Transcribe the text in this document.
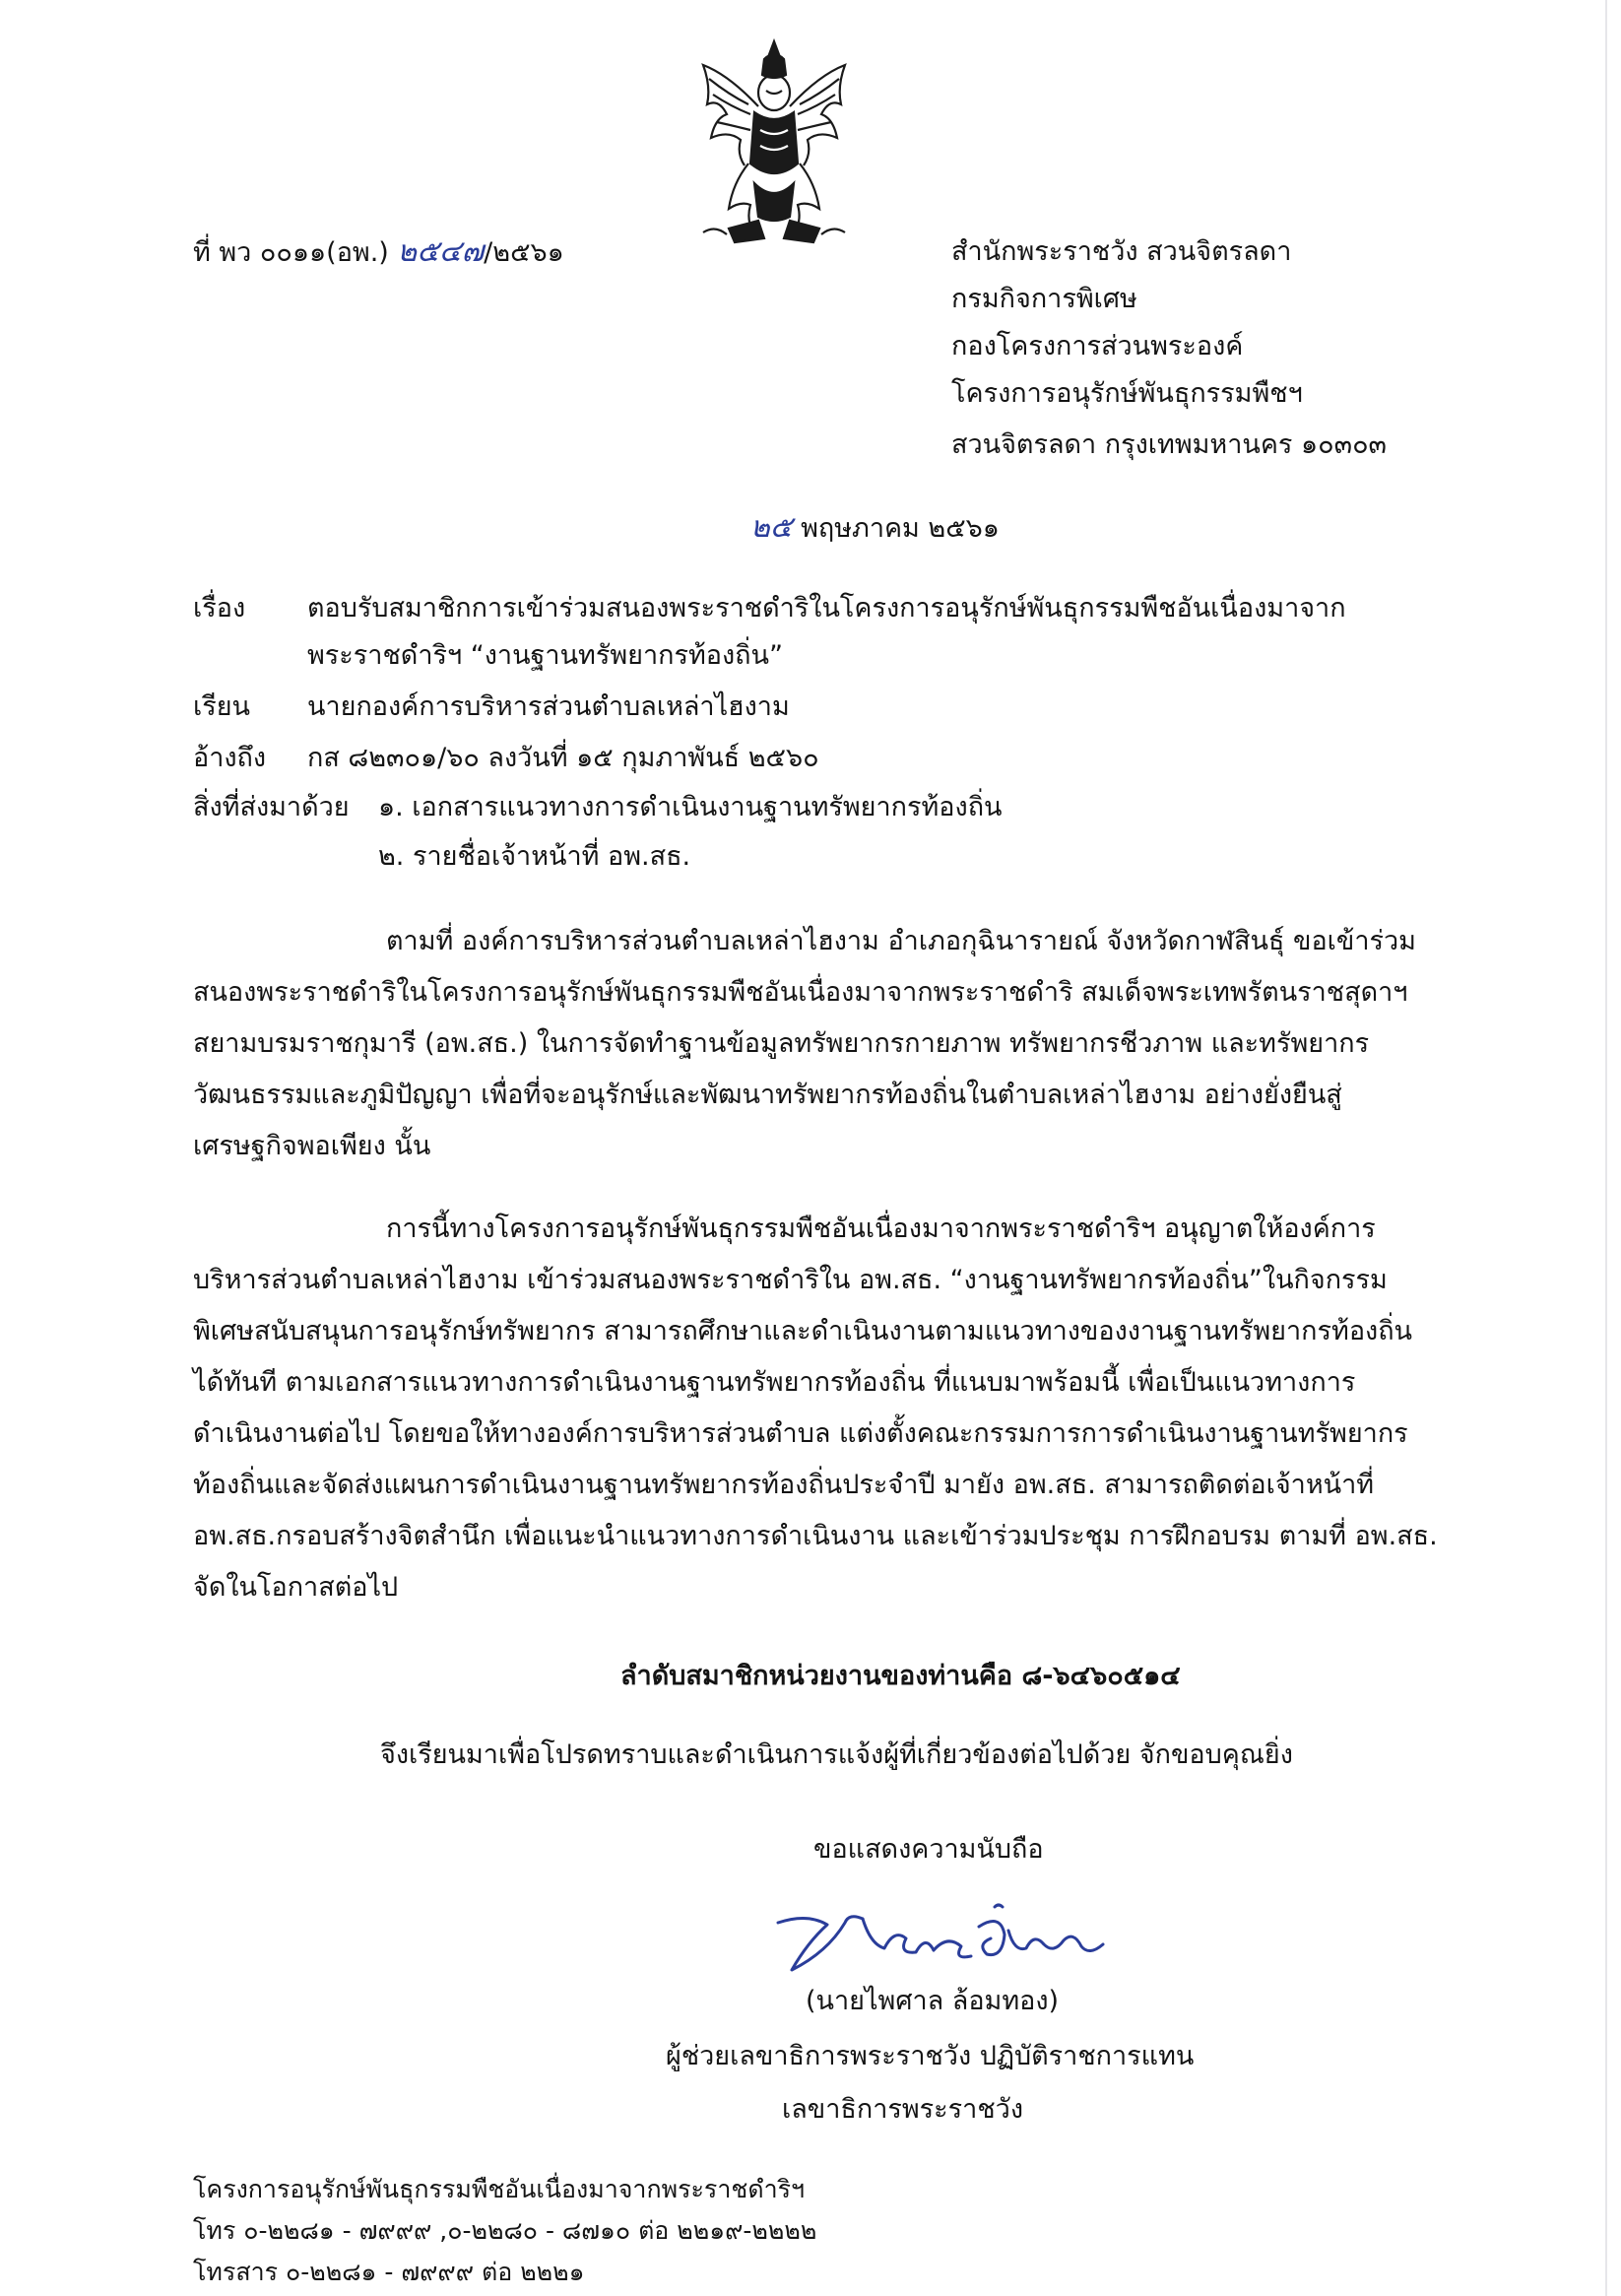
ที่ พว ๐๐๑๑(อพ.) ๒๕๔๗/๒๕๖๑	สำนักพระราชวัง สวนจิตรลดา
กรมกิจการพิเศษ
กองโครงการส่วนพระองค์
โครงการอนุรักษ์พันธุกรรมพืชฯ
สวนจิตรลดา กรุงเทพมหานคร ๑๐๓๐๓
๒๕ พฤษภาคม ๒๕๖๑
เรื่อง ตอบรับสมาชิกการเข้าร่วมสนองพระราชดำริในโครงการอนุรักษ์พันธุกรรมพืชอันเนื่องมาจาก
พระราชดำริฯ “งานฐานทรัพยากรท้องถิ่น”
เรียน นายกองค์การบริหารส่วนตำบลเหล่าไฮงาม
อ้างถึง กส ๘๒๓๐๑/๖๐ ลงวันที่ ๑๕ กุมภาพันธ์ ๒๕๖๐
สิ่งที่ส่งมาด้วย ๑. เอกสารแนวทางการดำเนินงานฐานทรัพยากรท้องถิ่น
๒. รายชื่อเจ้าหน้าที่ อพ.สธ.
ตามที่ องค์การบริหารส่วนตำบลเหล่าไฮงาม อำเภอกุฉินารายณ์ จังหวัดกาฬสินธุ์ ขอเข้าร่วม
สนองพระราชดำริในโครงการอนุรักษ์พันธุกรรมพืชอันเนื่องมาจากพระราชดำริ สมเด็จพระเทพรัตนราชสุดาฯ
สยามบรมราชกุมารี (อพ.สธ.) ในการจัดทำฐานข้อมูลทรัพยากรกายภาพ ทรัพยากรชีวภาพ และทรัพยากร
วัฒนธรรมและภูมิปัญญา เพื่อที่จะอนุรักษ์และพัฒนาทรัพยากรท้องถิ่นในตำบลเหล่าไฮงาม อย่างยั่งยืนสู่
เศรษฐกิจพอเพียง นั้น
การนี้ทางโครงการอนุรักษ์พันธุกรรมพืชอันเนื่องมาจากพระราชดำริฯ อนุญาตให้องค์การ
บริหารส่วนตำบลเหล่าไฮงาม เข้าร่วมสนองพระราชดำริใน อพ.สธ. “งานฐานทรัพยากรท้องถิ่น”ในกิจกรรม
พิเศษสนับสนุนการอนุรักษ์ทรัพยากร สามารถศึกษาและดำเนินงานตามแนวทางของงานฐานทรัพยากรท้องถิ่น
ได้ทันที ตามเอกสารแนวทางการดำเนินงานฐานทรัพยากรท้องถิ่น ที่แนบมาพร้อมนี้ เพื่อเป็นแนวทางการ
ดำเนินงานต่อไป โดยขอให้ทางองค์การบริหารส่วนตำบล แต่งตั้งคณะกรรมการการดำเนินงานฐานทรัพยากร
ท้องถิ่นและจัดส่งแผนการดำเนินงานฐานทรัพยากรท้องถิ่นประจำปี มายัง อพ.สธ. สามารถติดต่อเจ้าหน้าที่
อพ.สธ.กรอบสร้างจิตสำนึก เพื่อแนะนำแนวทางการดำเนินงาน และเข้าร่วมประชุม การฝึกอบรม ตามที่ อพ.สธ.
จัดในโอกาสต่อไป
ลำดับสมาชิกหน่วยงานของท่านคือ ๘-๖๔๖๐๕๑๔
จึงเรียนมาเพื่อโปรดทราบและดำเนินการแจ้งผู้ที่เกี่ยวข้องต่อไปด้วย จักขอบคุณยิ่ง
ขอแสดงความนับถือ
(นายไพศาล ล้อมทอง)
ผู้ช่วยเลขาธิการพระราชวัง ปฏิบัติราชการแทน
เลขาธิการพระราชวัง
โครงการอนุรักษ์พันธุกรรมพืชอันเนื่องมาจากพระราชดำริฯ
โทร ๐-๒๒๘๑ - ๗๙๙๙ ,๐-๒๒๘๐ - ๘๗๑๐ ต่อ ๒๒๑๙-๒๒๒๒
โทรสาร ๐-๒๒๘๑ - ๗๙๙๙ ต่อ ๒๒๒๑
